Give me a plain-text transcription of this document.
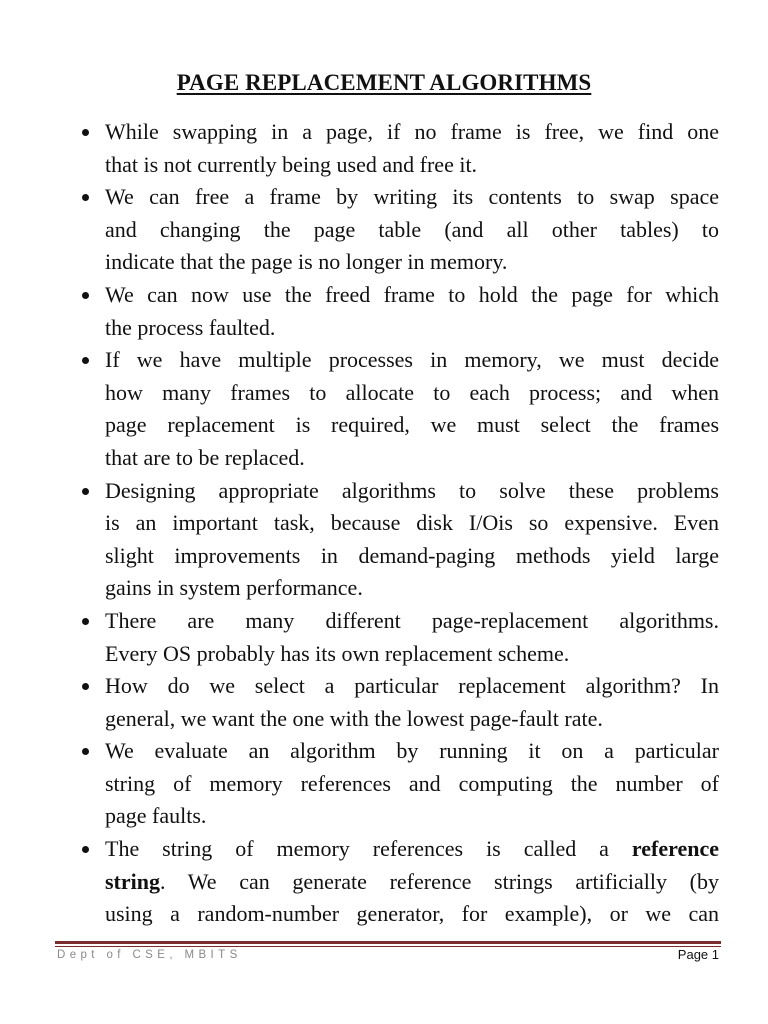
PAGE REPLACEMENT ALGORITHMS
While swapping in a page, if no frame is free, we find one
that is not currently being used and free it.
We can free a frame by writing its contents to swap space
and changing the page table (and all other tables) to
indicate that the page is no longer in memory.
We can now use the freed frame to hold the page for which
the process faulted.
If we have multiple processes in memory, we must decide
how many frames to allocate to each process; and when
page replacement is required, we must select the frames
that are to be replaced.
Designing appropriate algorithms to solve these problems
is an important task, because disk I/Ois so expensive. Even
slight improvements in demand-paging methods yield large
gains in system performance.
There are many different page-replacement algorithms.
Every OS probably has its own replacement scheme.
How do we select a particular replacement algorithm? In
general, we want the one with the lowest page-fault rate.
We evaluate an algorithm by running it on a particular
string of memory references and computing the number of
page faults.
The string of memory references is called a reference
string. We can generate reference strings artificially (by
using a random-number generator, for example), or we can
Dept of CSE, MBITS	Page 1
